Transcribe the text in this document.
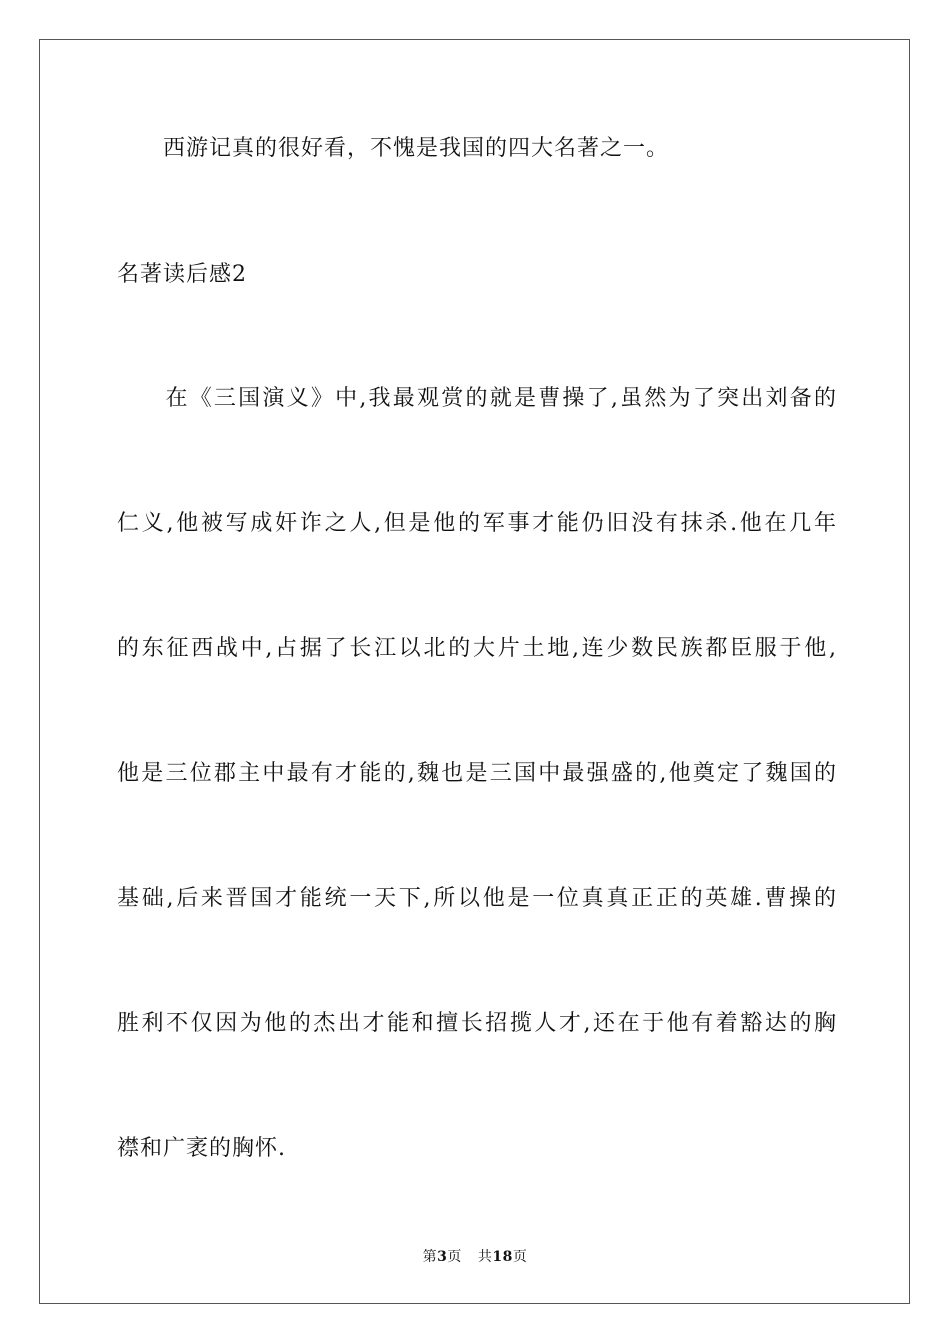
　　西游记真的很好看，不愧是我国的四大名著之一。
名著读后感2
　　在《三国演义》中,我最观赏的就是曹操了,虽然为了突出刘备的
仁义,他被写成奸诈之人,但是他的军事才能仍旧没有抹杀.他在几年
的东征西战中,占据了长江以北的大片土地,连少数民族都臣服于他,
他是三位郡主中最有才能的,魏也是三国中最强盛的,他奠定了魏国的
基础,后来晋国才能统一天下,所以他是一位真真正正的英雄.曹操的
胜利不仅因为他的杰出才能和擅长招揽人才,还在于他有着豁达的胸
襟和广袤的胸怀.
第3页 共18页
